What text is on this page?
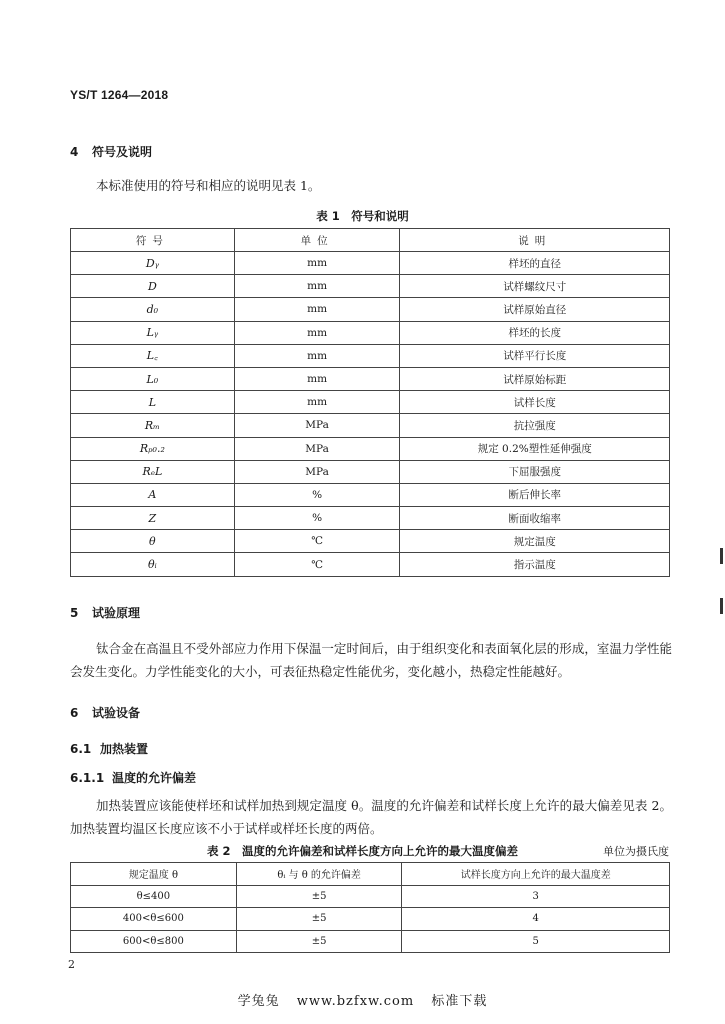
YS/T 1264—2018
4 符号及说明
本标准使用的符号和相应的说明见表 1。
表 1　符号和说明
符号	单位	说明
Dᵧ	mm	样坯的直径
D	mm	试样螺纹尺寸
d₀	mm	试样原始直径
Lᵧ	mm	样坯的长度
L꜀	mm	试样平行长度
L₀	mm	试样原始标距
L	mm	试样长度
Rₘ	MPa	抗拉强度
Rₚ₀.₂	MPa	规定 0.2%塑性延伸强度
RₑL	MPa	下屈服强度
A	%	断后伸长率
Z	%	断面收缩率
θ	℃	规定温度
θᵢ	℃	指示温度
5 试验原理
钛合金在高温且不受外部应力作用下保温一定时间后，由于组织变化和表面氧化层的形成，室温力学性能会发生变化。力学性能变化的大小，可表征热稳定性能优劣，变化越小，热稳定性能越好。
6 试验设备
6.1 加热装置
6.1.1 温度的允许偏差
加热装置应该能使样坯和试样加热到规定温度 θ。温度的允许偏差和试样长度上允许的最大偏差见表 2。加热装置均温区长度应该不小于试样或样坯长度的两倍。
表 2　温度的允许偏差和试样长度方向上允许的最大温度偏差	单位为摄氏度
规定温度 θ	θᵢ 与 θ 的允许偏差	试样长度方向上允许的最大温度差
θ≤400	±5	3
400<θ≤600	±5	4
600<θ≤800	±5	5
2
学兔兔 www.bzfxw.com 标准下载
